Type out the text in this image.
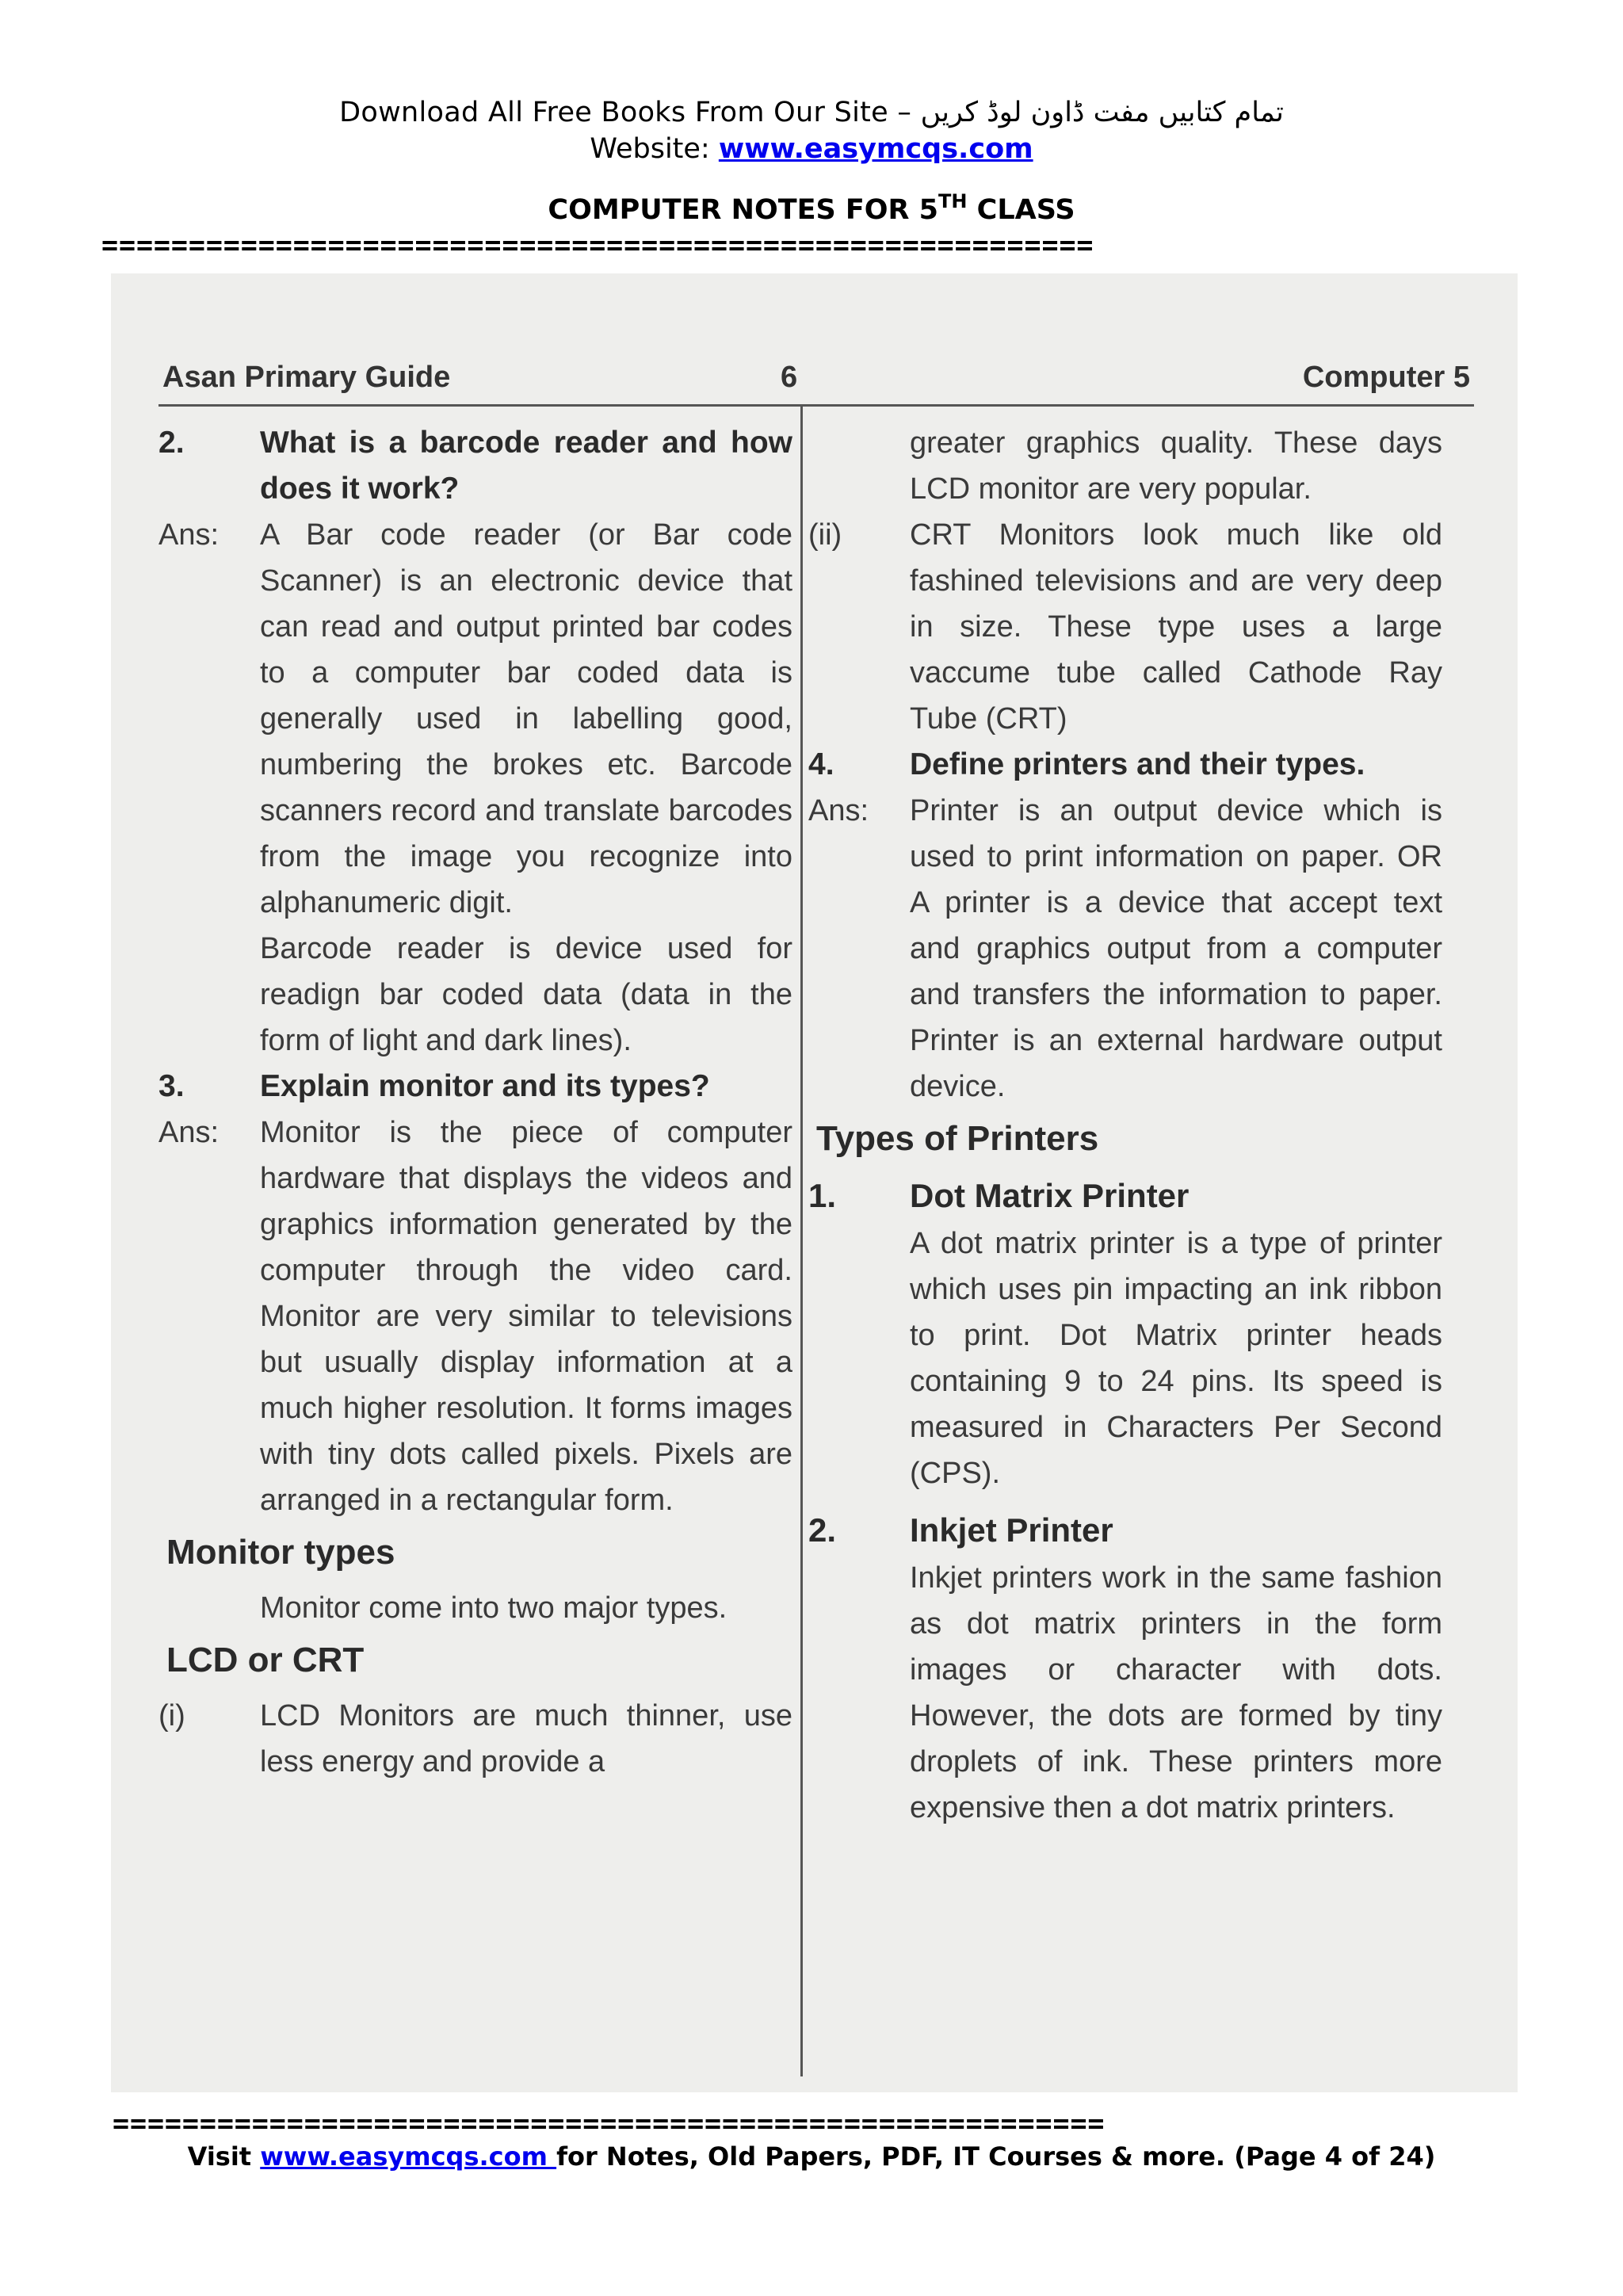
Download All Free Books From Our Site – تمام کتابیں مفت ڈاون لوڈ کریں
Website: www.easymcqs.com
COMPUTER NOTES FOR 5TH CLASS
=========================================================
Asan Primary Guide	6	Computer 5
2.	What is a barcode reader and how does it work?
Ans:	A Bar code reader (or Bar code Scanner) is an electronic device that can read and output printed bar codes to a computer bar coded data is generally used in labelling good, numbering the brokes etc. Barcode scanners record and translate barcodes from the image you recognize into alphanumeric digit.
Barcode reader is device used for readign bar coded data (data in the form of light and dark lines).
3.	Explain monitor and its types?
Ans:	Monitor is the piece of computer hardware that displays the videos and graphics information generated by the computer through the video card. Monitor are very similar to televisions but usually display information at a much higher resolution. It forms images with tiny dots called pixels. Pixels are arranged in a rectangular form.
Monitor types
Monitor come into two major types.
LCD or CRT
(i)	LCD Monitors are much thinner, use less energy and provide a
greater graphics quality. These days LCD monitor are very popular.
(ii)	CRT Monitors look much like old fashined televisions and are very deep in size. These type uses a large vaccume tube called Cathode Ray Tube (CRT)
4.	Define printers and their types.
Ans:	Printer is an output device which is used to print information on paper. OR A printer is a device that accept text and graphics output from a computer and transfers the information to paper. Printer is an external hardware output device.
Types of Printers
1.	Dot Matrix Printer
A dot matrix printer is a type of printer which uses pin impacting an ink ribbon to print. Dot Matrix printer heads containing 9 to 24 pins. Its speed is measured in Characters Per Second (CPS).
2.	Inkjet Printer
Inkjet printers work in the same fashion as dot matrix printers in the form images or character with dots. However, the dots are formed by tiny droplets of ink. These printers more expensive then a dot matrix printers.
=========================================================
Visit www.easymcqs.com for Notes, Old Papers, PDF, IT Courses & more. (Page 4 of 24)
